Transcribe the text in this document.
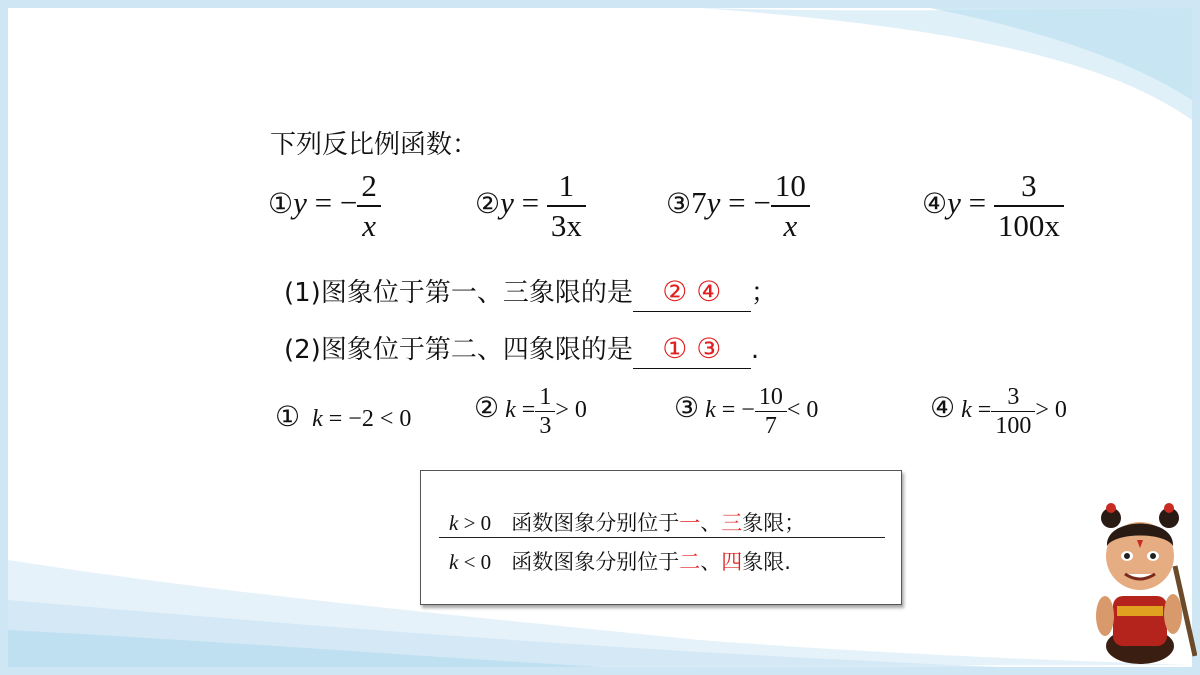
下列反比例函数：
①y = − $\frac{2}{x}$	②y = $\frac{1}{3x}$	③7y = − $\frac{10}{x}$	④y = $\frac{3}{100x}$
(1)图象位于第一、三象限的是 ② ④ ；
(2)图象位于第二、四象限的是 ① ③ .
① k = −2 < 0 ② $k = \frac{1}{3} > 0$	③ k = − $\frac{10}{7} < 0$	④ $k = \frac{3}{100} > 0$
k > 0 函数图象分别位于一、三象限；
k < 0 函数图象分别位于二、四象限.
